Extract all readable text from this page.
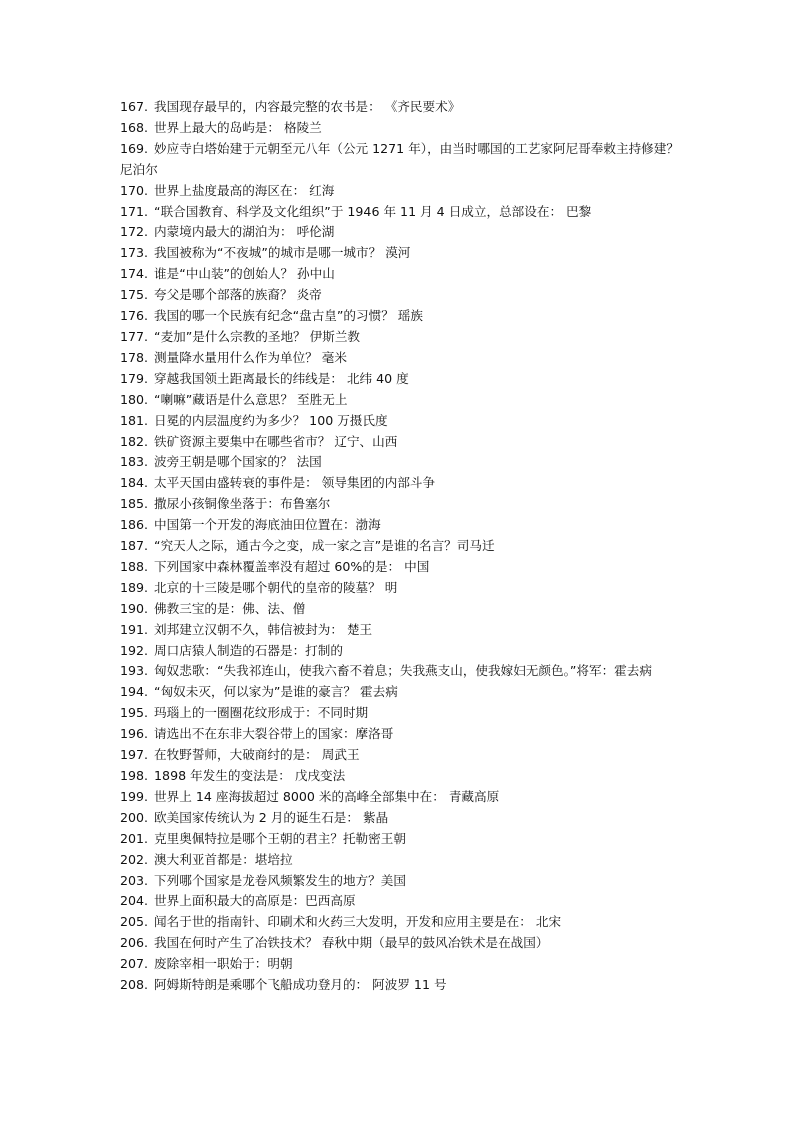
167. 我国现存最早的，内容最完整的农书是： 《齐民要术》
168. 世界上最大的岛屿是： 格陵兰
169. 妙应寺白塔始建于元朝至元八年（公元 1271 年），由当时哪国的工艺家阿尼哥奉敕主持修建？ 尼泊尔
170. 世界上盐度最高的海区在： 红海
171. “联合国教育、科学及文化组织”于 1946 年 11 月 4 日成立，总部设在： 巴黎
172. 内蒙境内最大的湖泊为： 呼伦湖
173. 我国被称为“不夜城”的城市是哪一城市？ 漠河
174. 谁是“中山装”的创始人？ 孙中山
175. 夸父是哪个部落的族裔？ 炎帝
176. 我国的哪一个民族有纪念“盘古皇”的习惯？ 瑶族
177. “麦加”是什么宗教的圣地？ 伊斯兰教
178. 测量降水量用什么作为单位？ 毫米
179. 穿越我国领土距离最长的纬线是： 北纬 40 度
180. “喇嘛”藏语是什么意思？ 至胜无上
181. 日冕的内层温度约为多少？ 100 万摄氏度
182. 铁矿资源主要集中在哪些省市？ 辽宁、山西
183. 波旁王朝是哪个国家的？ 法国
184. 太平天国由盛转衰的事件是： 领导集团的内部斗争
185. 撒尿小孩铜像坐落于：布鲁塞尔
186. 中国第一个开发的海底油田位置在：渤海
187. “究天人之际，通古今之变，成一家之言”是谁的名言？司马迁
188. 下列国家中森林覆盖率没有超过 60%的是： 中国
189. 北京的十三陵是哪个朝代的皇帝的陵墓？ 明
190. 佛教三宝的是：佛、法、僧
191. 刘邦建立汉朝不久，韩信被封为： 楚王
192. 周口店猿人制造的石器是：打制的
193. 匈奴悲歌：“失我祁连山，使我六畜不着息；失我燕支山，使我嫁妇无颜色。”将军：霍去病
194. “匈奴未灭，何以家为”是谁的豪言？ 霍去病
195. 玛瑙上的一圈圈花纹形成于：不同时期
196. 请选出不在东非大裂谷带上的国家：摩洛哥
197. 在牧野誓师，大破商纣的是： 周武王
198. 1898 年发生的变法是： 戊戌变法
199. 世界上 14 座海拔超过 8000 米的高峰全部集中在： 青藏高原
200. 欧美国家传统认为 2 月的诞生石是： 紫晶
201. 克里奥佩特拉是哪个王朝的君主？托勒密王朝
202. 澳大利亚首都是：堪培拉
203. 下列哪个国家是龙卷风频繁发生的地方？美国
204. 世界上面积最大的高原是：巴西高原
205. 闻名于世的指南针、印刷术和火药三大发明，开发和应用主要是在： 北宋
206. 我国在何时产生了冶铁技术？ 春秋中期（最早的鼓风冶铁术是在战国）
207. 废除宰相一职始于：明朝
208. 阿姆斯特朗是乘哪个飞船成功登月的： 阿波罗 11 号
